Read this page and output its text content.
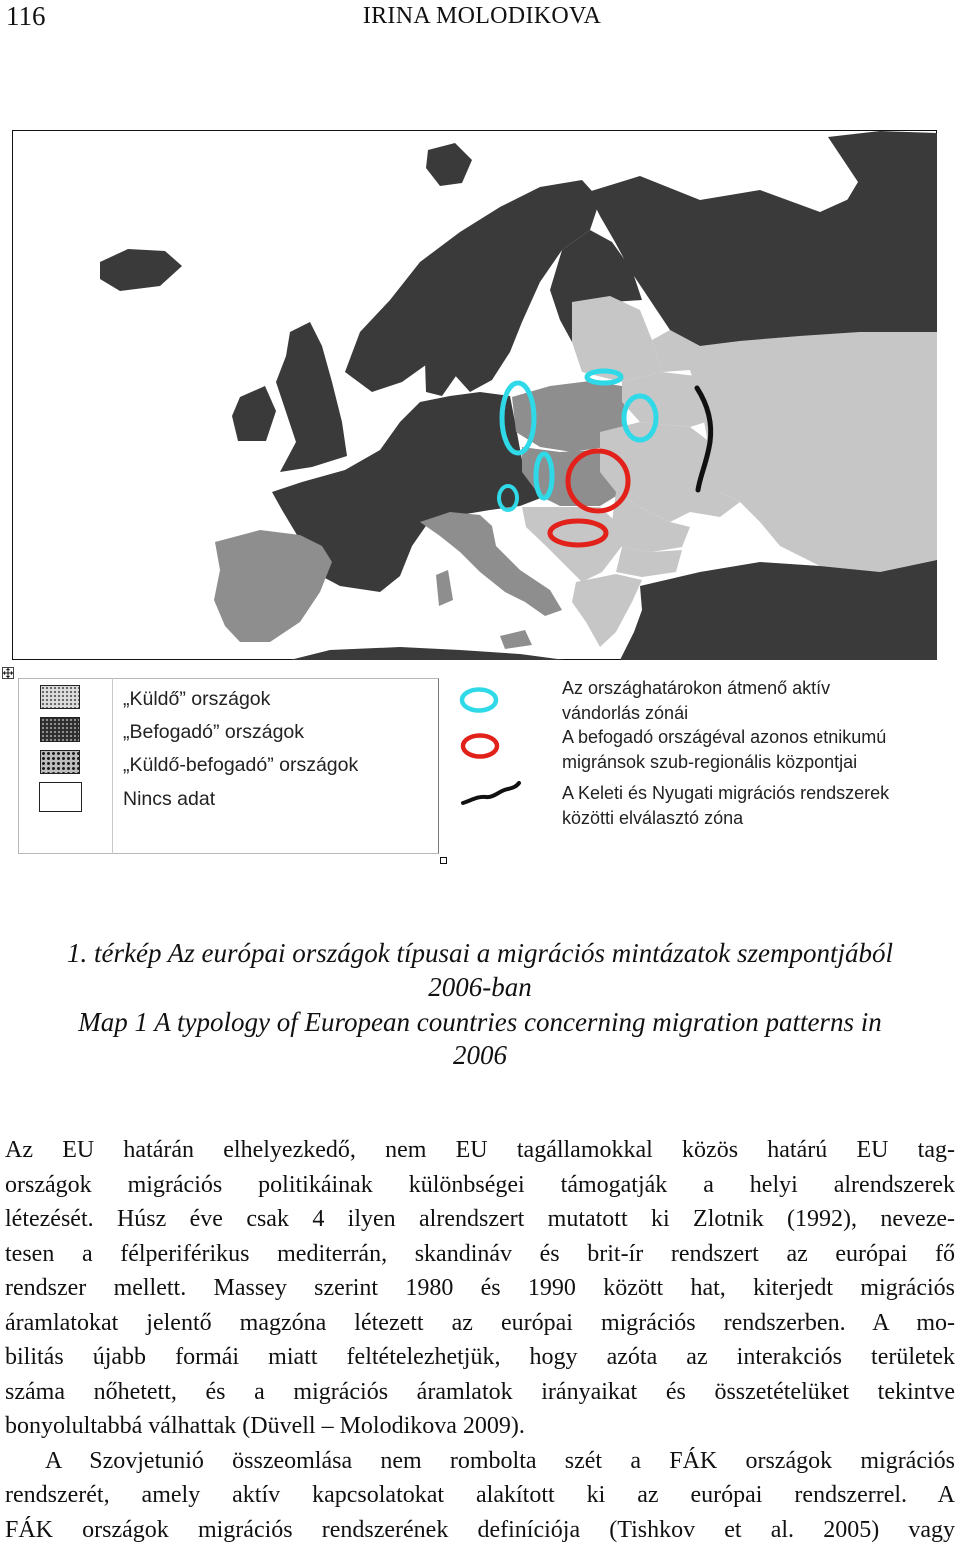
116	IRINA MOLODIKOVA
„Küldő” országok
„Befogadó” országok
„Küldő-befogadó” országok
Nincs adat
Az országhatárokon átmenő aktív
vándorlás zónái
A befogadó országéval azonos etnikumú
migránsok szub-regionális központjai
A Keleti és Nyugati migrációs rendszerek
közötti elválasztó zóna
1. térkép Az európai országok típusai a migrációs mintázatok szempontjából
2006-ban
Map 1 A typology of European countries concerning migration patterns in
2006
Az EU határán elhelyezkedő, nem EU tagállamokkal közös határú EU tag-
országok migrációs politikáinak különbségei támogatják a helyi alrendszerek
létezését. Húsz éve csak 4 ilyen alrendszert mutatott ki Zlotnik (1992), neveze-
tesen a félperiférikus mediterrán, skandináv és brit-ír rendszert az európai fő
rendszer mellett. Massey szerint 1980 és 1990 között hat, kiterjedt migrációs
áramlatokat jelentő magzóna létezett az európai migrációs rendszerben. A mo-
bilitás újabb formái miatt feltételezhetjük, hogy azóta az interakciós területek
száma nőhetett, és a migrációs áramlatok irányaikat és összetételüket tekintve
bonyolultabbá válhattak (Düvell – Molodikova 2009).
A Szovjetunió összeomlása nem rombolta szét a FÁK országok migrációs
rendszerét, amely aktív kapcsolatokat alakított ki az európai rendszerrel. A
FÁK országok migrációs rendszerének definíciója (Tishkov et al. 2005) vagy
